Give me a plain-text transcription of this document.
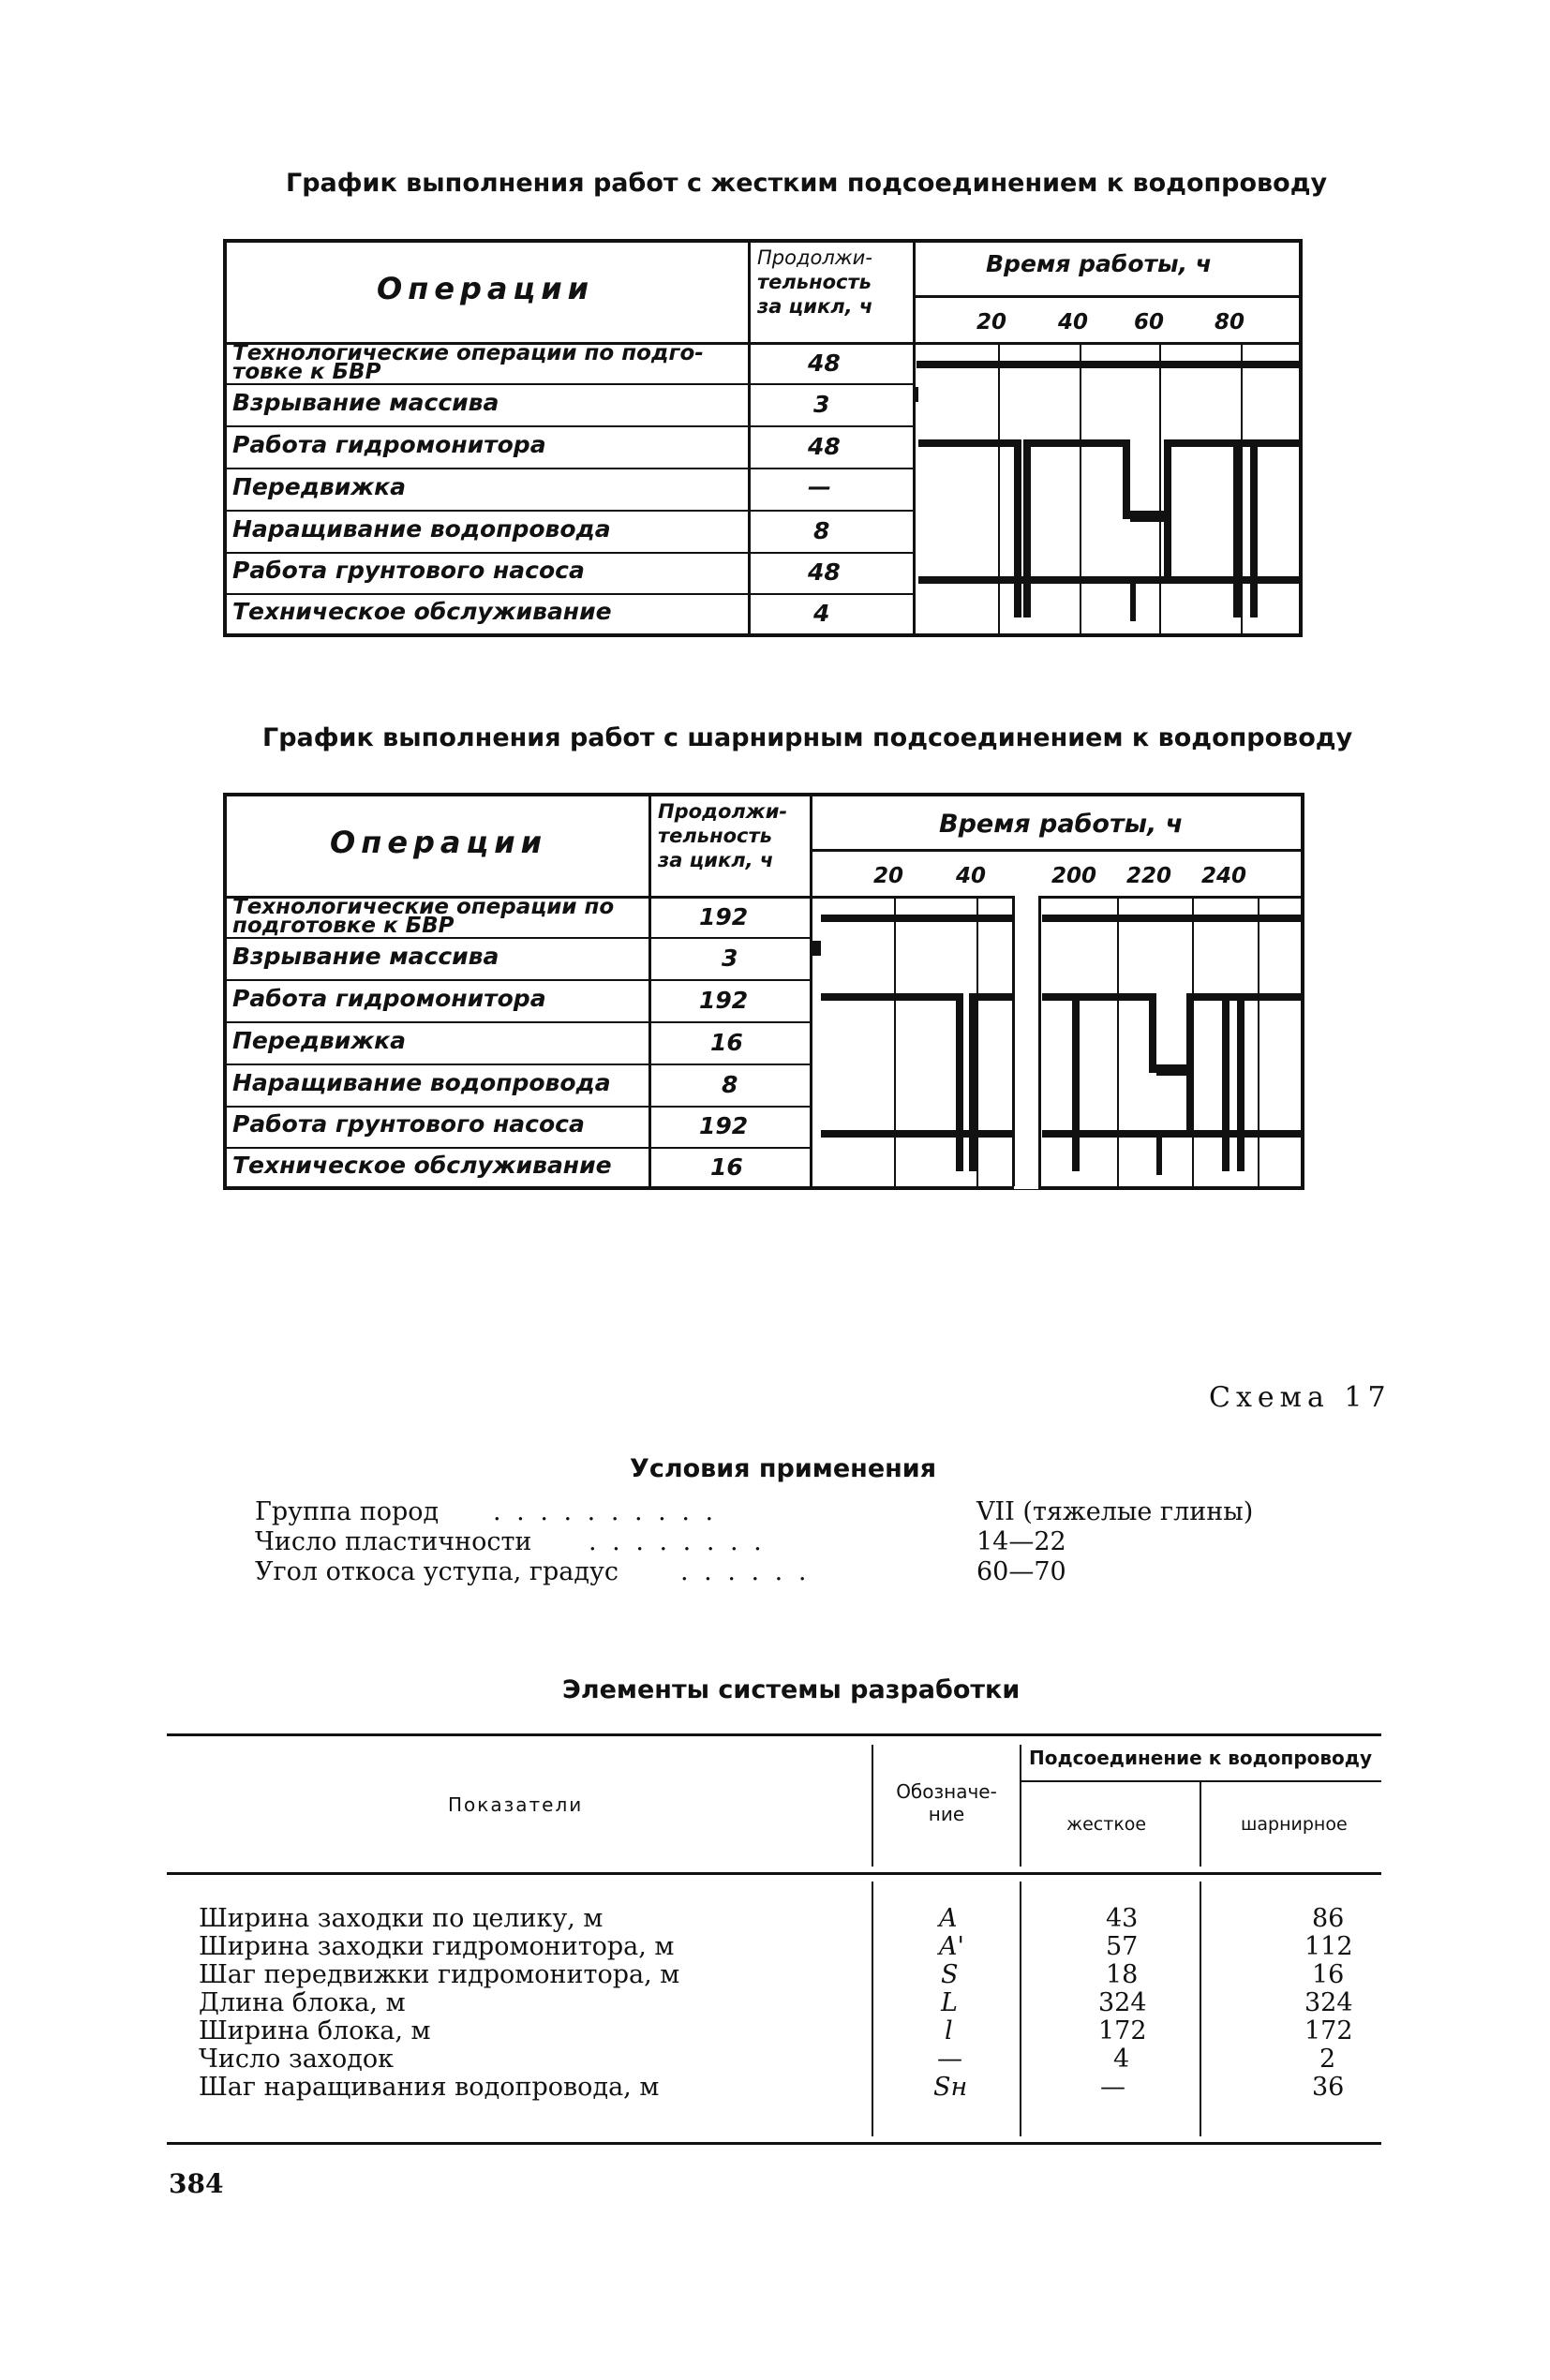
График выполнения работ с жестким подсоединением к водопроводу
Операции
Продолжи-
тельность
за цикл, ч
Время работы, ч
20 40 60 80
Технологические операции по подго- товке к БВР	48
Взрывание массива	3
Работа гидромонитора	48
Передвижка	—
Наращивание водопровода	8
Работа грунтового насоса	48
Техническое обслуживание	4
График выполнения работ с шарнирным подсоединением к водопроводу
Операции
Продолжи-
тельность
за цикл, ч
Время работы, ч
20 40	200 220 240
Технологические операции по подготовке к БВР	192
Взрывание массива	3
Работа гидромонитора	192
Передвижка	16
Наращивание водопровода	8
Работа грунтового насоса	192
Техническое обслуживание	16
Схема 17
Условия применения
Группа пород . . . . . . . . . .	VII (тяжелые глины)
Число пластичности . . . . . . . .	14—22
Угол откоса уступа, градус . . . . . .	60—70
Элементы системы разработки
Показатели
Обозначе- ние
Подсоединение к водопроводу
жесткое	шарнирное
Ширина заходки по целику, м	A	43	86
Ширина заходки гидромонитора, м	A'	57	112
Шаг передвижки гидромонитора, м	S	18	16
Длина блока, м	L	324	324
Ширина блока, м	l	172	172
Число заходок	—	4	2
Шаг наращивания водопровода, м	Sн	—	36
384
